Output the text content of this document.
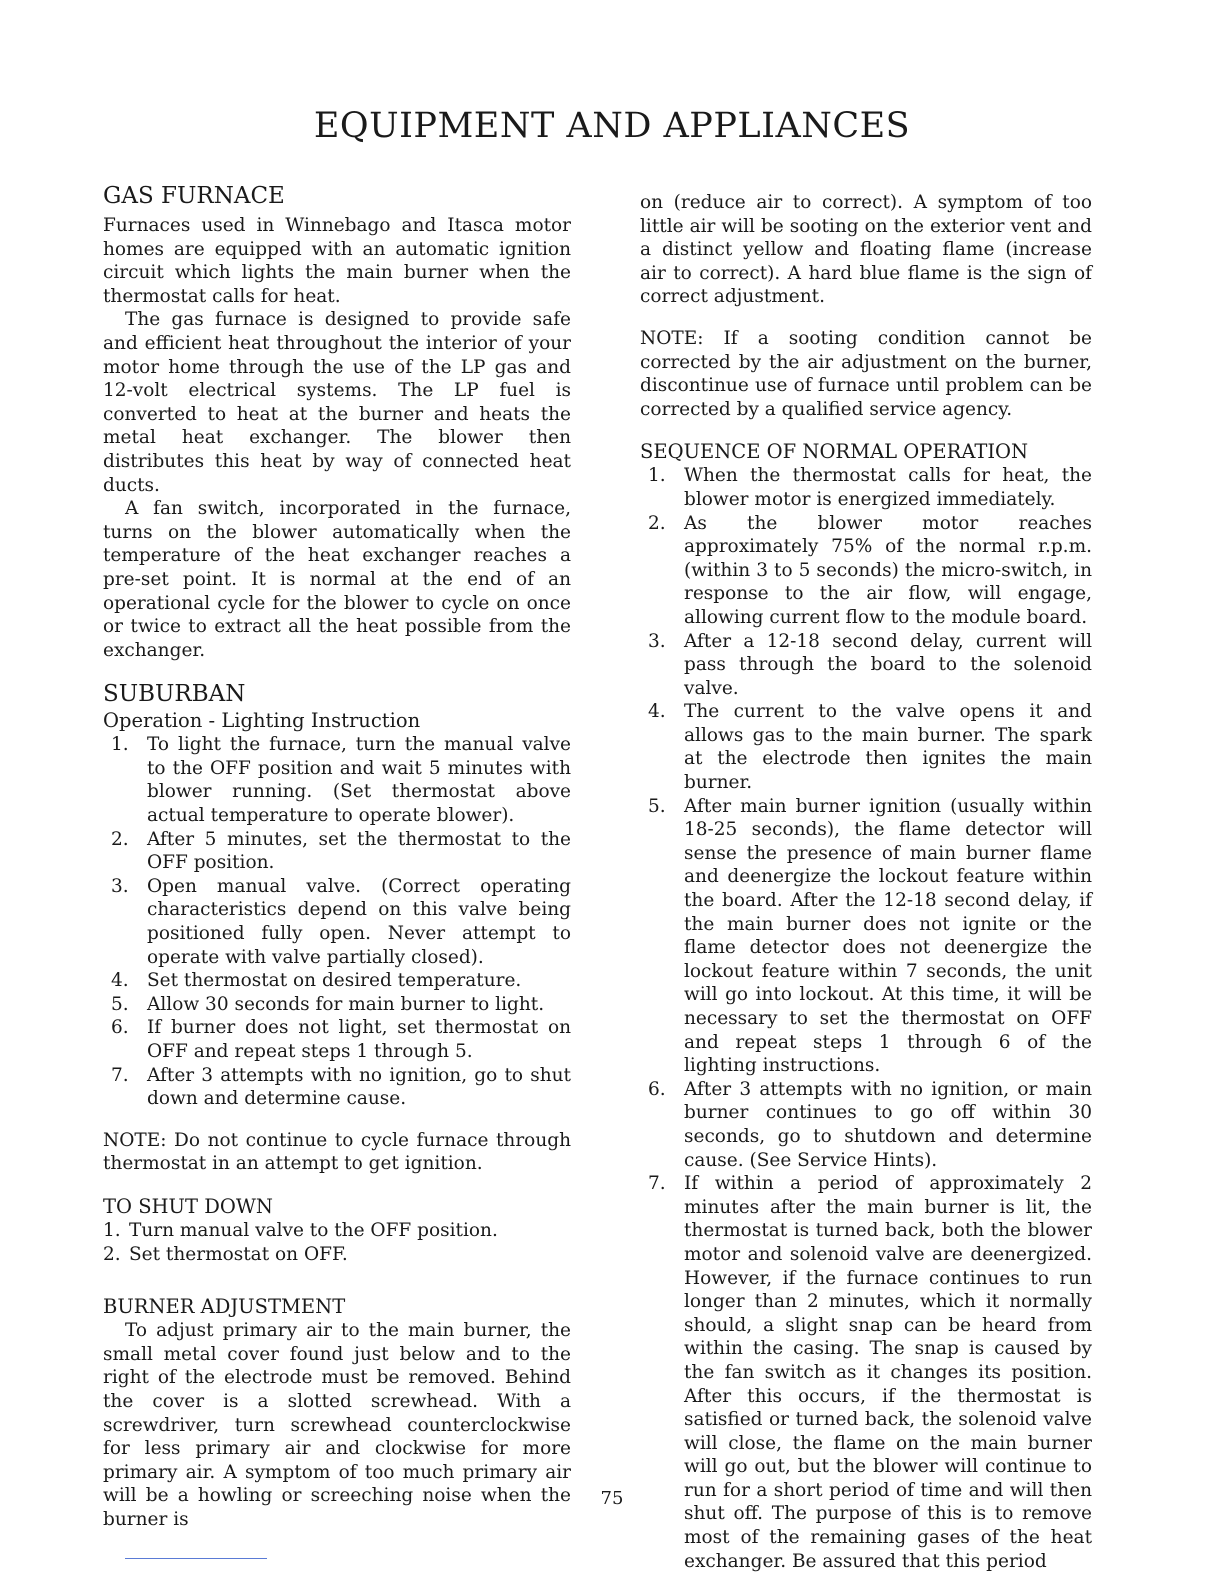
EQUIPMENT AND APPLIANCES
GAS FURNACE

Furnaces used in Winnebago and Itasca motor homes are equipped with an automatic ignition circuit which lights the main burner when the thermostat calls for heat.

The gas furnace is designed to provide safe and efficient heat throughout the interior of your motor home through the use of the LP gas and 12-volt electrical systems. The LP fuel is converted to heat at the burner and heats the metal heat exchanger. The blower then distributes this heat by way of connected heat ducts.

A fan switch, incorporated in the furnace, turns on the blower automatically when the temperature of the heat exchanger reaches a pre-set point. It is normal at the end of an operational cycle for the blower to cycle on once or twice to extract all the heat possible from the exchanger.

SUBURBAN
Operation - Lighting Instruction
1. To light the furnace, turn the manual valve to the OFF position and wait 5 minutes with blower running. (Set thermostat above actual temperature to operate blower).
2. After 5 minutes, set the thermostat to the OFF position.
3. Open manual valve. (Correct operating characteristics depend on this valve being positioned fully open. Never attempt to operate with valve partially closed).
4. Set thermostat on desired temperature.
5. Allow 30 seconds for main burner to light.
6. If burner does not light, set thermostat on OFF and repeat steps 1 through 5.
7. After 3 attempts with no ignition, go to shut down and determine cause.

NOTE: Do not continue to cycle furnace through thermostat in an attempt to get ignition.

TO SHUT DOWN
1. Turn manual valve to the OFF position.
2. Set thermostat on OFF.
BURNER ADJUSTMENT

To adjust primary air to the main burner, the small metal cover found just below and to the right of the electrode must be removed. Behind the cover is a slotted screwhead. With a screwdriver, turn screwhead counterclockwise for less primary air and clockwise for more primary air. A symptom of too much primary air will be a howling or screeching noise when the burner is

on (reduce air to correct). A symptom of too little air will be sooting on the exterior vent and a distinct yellow and floating flame (increase air to correct). A hard blue flame is the sign of correct adjustment.

NOTE: If a sooting condition cannot be corrected by the air adjustment on the burner, discontinue use of furnace until problem can be corrected by a qualified service agency.

SEQUENCE OF NORMAL OPERATION
1. When the thermostat calls for heat, the blower motor is energized immediately.
2. As the blower motor reaches approximately 75% of the normal r.p.m. (within 3 to 5 seconds) the micro-switch, in response to the air flow, will engage, allowing current flow to the module board.
3. After a 12-18 second delay, current will pass through the board to the solenoid valve.
4. The current to the valve opens it and allows gas to the main burner. The spark at the electrode then ignites the main burner.
5. After main burner ignition (usually within 18-25 seconds), the flame detector will sense the presence of main burner flame and deenergize the lockout feature within the board. After the 12-18 second delay, if the main burner does not ignite or the flame detector does not deenergize the lockout feature within 7 seconds, the unit will go into lockout. At this time, it will be necessary to set the thermostat on OFF and repeat steps 1 through 6 of the lighting instructions.
6. After 3 attempts with no ignition, or main burner continues to go off within 30 seconds, go to shutdown and determine cause. (See Service Hints).
7. If within a period of approximately 2 minutes after the main burner is lit, the thermostat is turned back, both the blower motor and solenoid valve are deenergized. However, if the furnace continues to run longer than 2 minutes, which it normally should, a slight snap can be heard from within the casing. The snap is caused by the fan switch as it changes its position. After this occurs, if the thermostat is satisfied or turned back, the solenoid valve will close, the flame on the main burner will go out, but the blower will continue to run for a short period of time and will then shut off. The purpose of this is to remove most of the remaining gases of the heat exchanger. Be assured that this period
75
